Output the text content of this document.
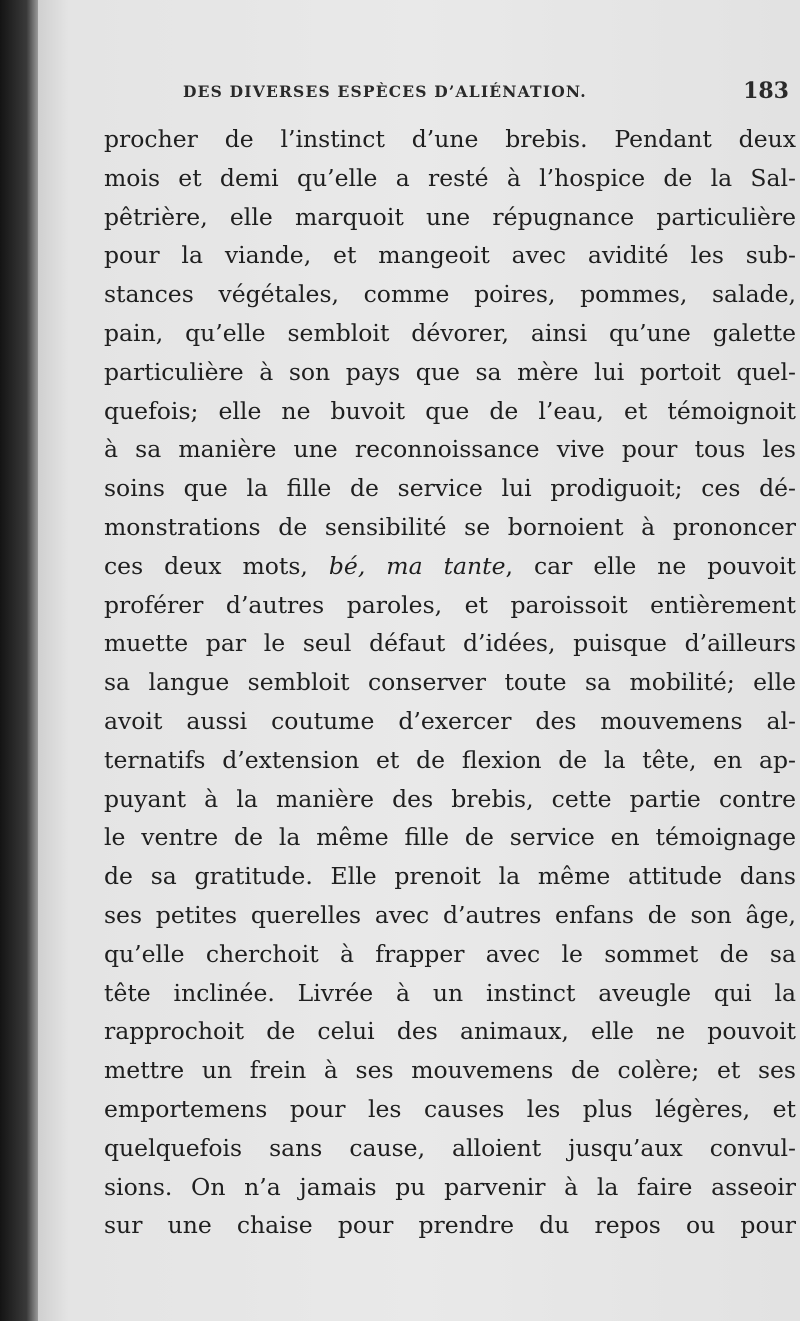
DES DIVERSES ESPÈCES D’ALIÉNATION.	183
procher de l’instinct d’une brebis. Pendant deux
mois et demi qu’elle a resté à l’hospice de la Sal-
pêtrière, elle marquoit une répugnance particulière
pour la viande, et mangeoit avec avidité les sub-
stances végétales, comme poires, pommes, salade,
pain, qu’elle sembloit dévorer, ainsi qu’une galette
particulière à son pays que sa mère lui portoit quel-
quefois; elle ne buvoit que de l’eau, et témoignoit
à sa manière une reconnoissance vive pour tous les
soins que la fille de service lui prodiguoit; ces dé-
monstrations de sensibilité se bornoient à prononcer
ces deux mots, bé, ma tante, car elle ne pouvoit
proférer d’autres paroles, et paroissoit entièrement
muette par le seul défaut d’idées, puisque d’ailleurs
sa langue sembloit conserver toute sa mobilité; elle
avoit aussi coutume d’exercer des mouvemens al-
ternatifs d’extension et de flexion de la tête, en ap-
puyant à la manière des brebis, cette partie contre
le ventre de la même fille de service en témoignage
de sa gratitude. Elle prenoit la même attitude dans
ses petites querelles avec d’autres enfans de son âge,
qu’elle cherchoit à frapper avec le sommet de sa
tête inclinée. Livrée à un instinct aveugle qui la
rapprochoit de celui des animaux, elle ne pouvoit
mettre un frein à ses mouvemens de colère; et ses
emportemens pour les causes les plus légères, et
quelquefois sans cause, alloient jusqu’aux convul-
sions. On n’a jamais pu parvenir à la faire asseoir
sur une chaise pour prendre du repos ou pour
